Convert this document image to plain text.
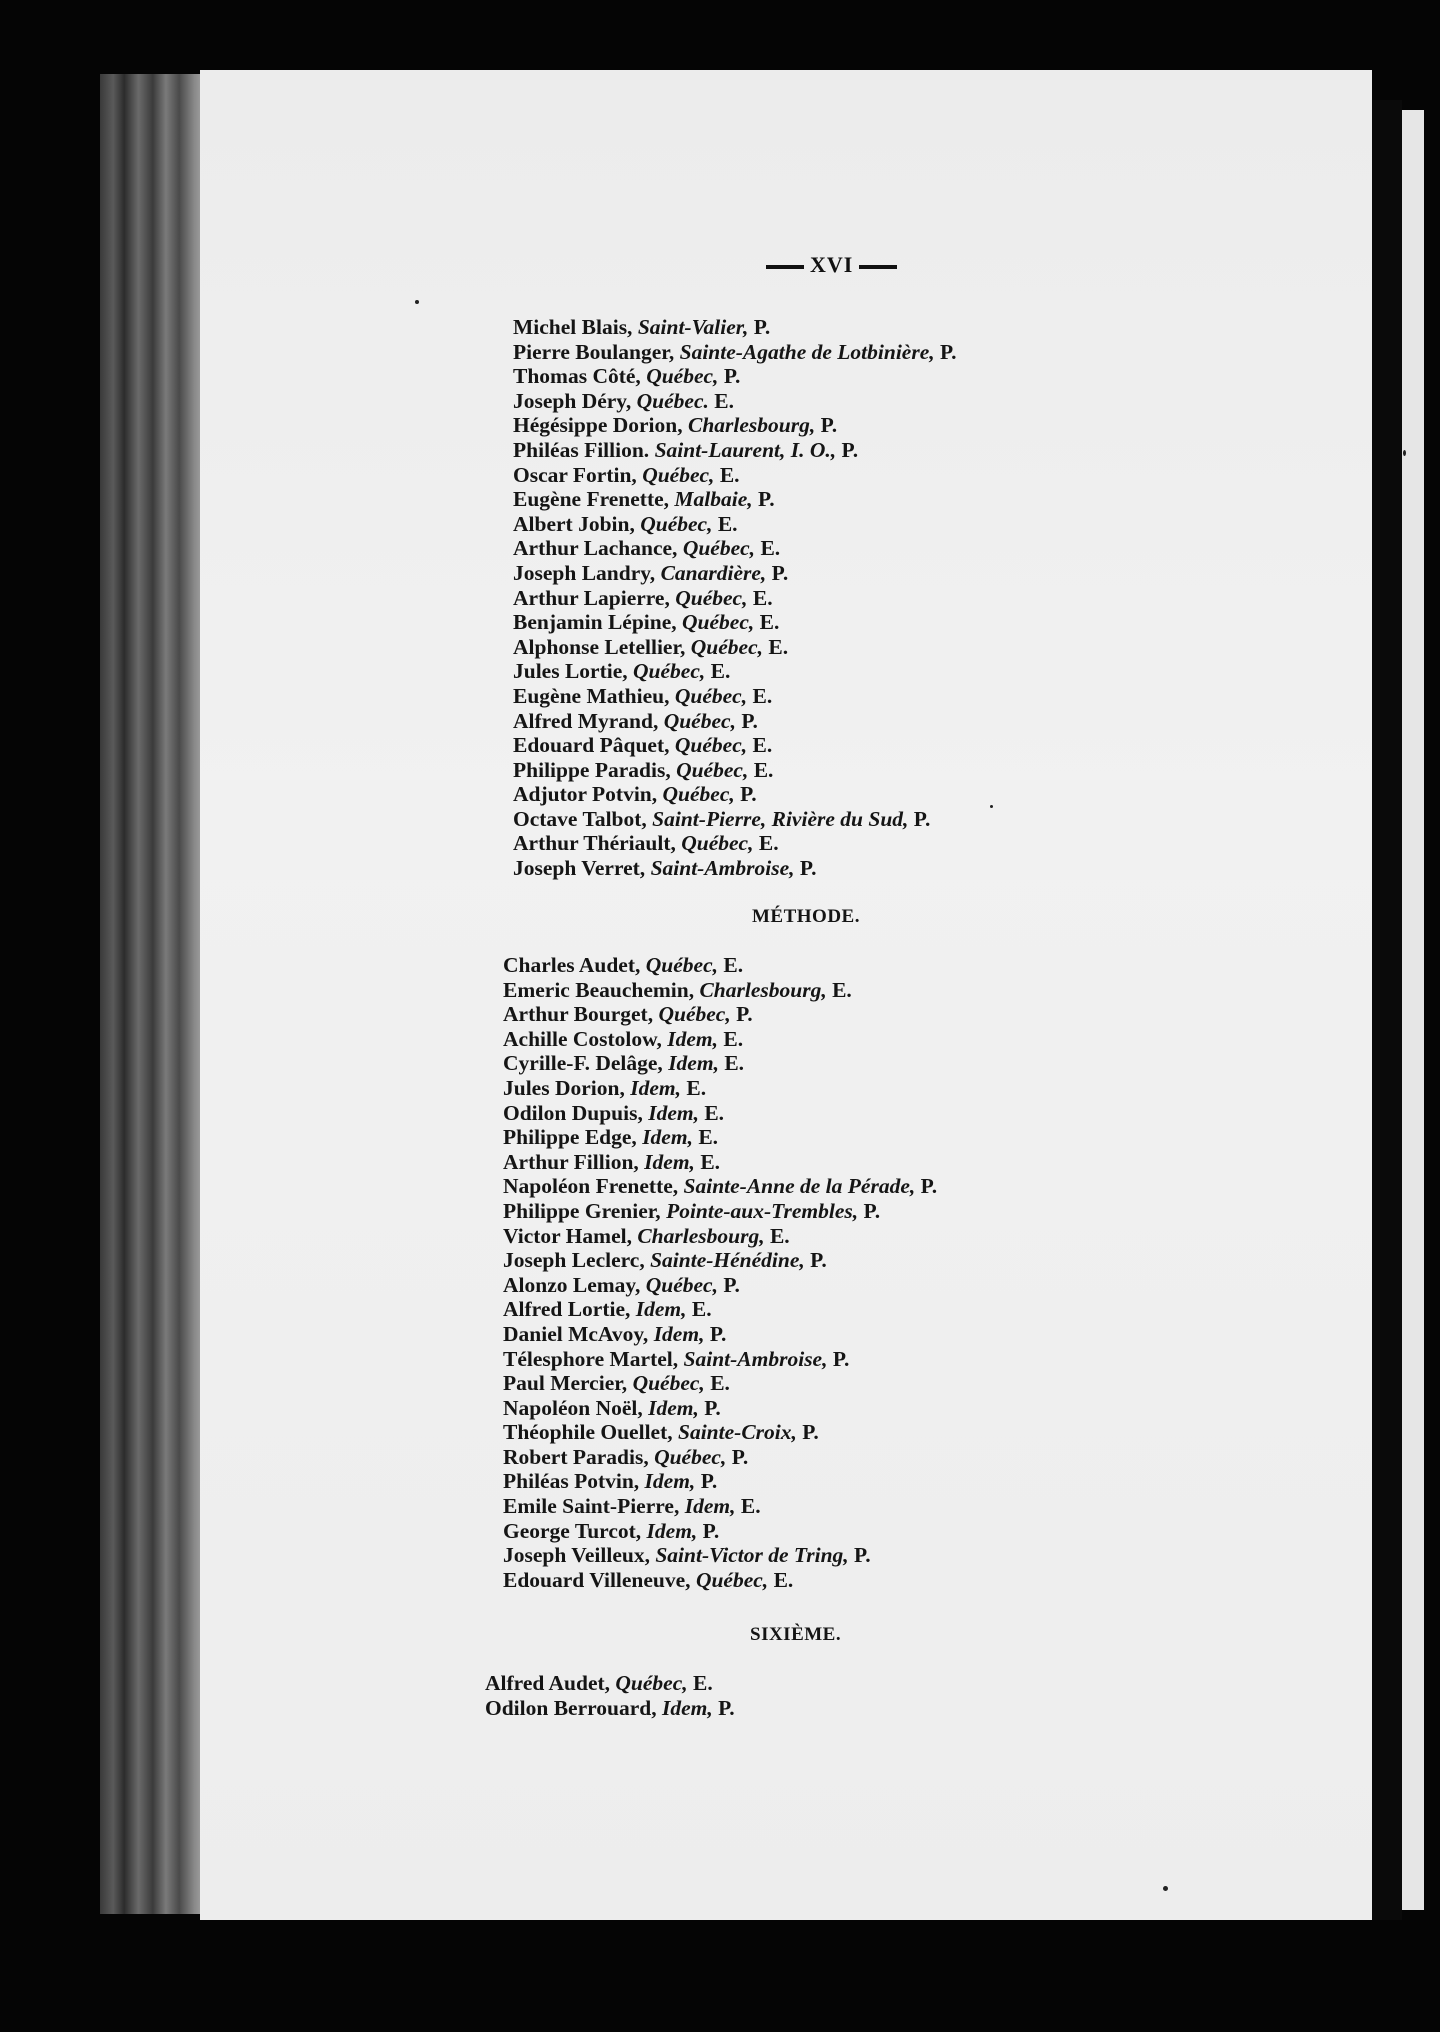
XVI
Michel Blais, Saint-Valier, P.
Pierre Boulanger, Sainte-Agathe de Lotbinière, P.
Thomas Côté, Québec, P.
Joseph Déry, Québec. E.
Hégésippe Dorion, Charlesbourg, P.
Philéas Fillion. Saint-Laurent, I. O., P.
Oscar Fortin, Québec, E.
Eugène Frenette, Malbaie, P.
Albert Jobin, Québec, E.
Arthur Lachance, Québec, E.
Joseph Landry, Canardière, P.
Arthur Lapierre, Québec, E.
Benjamin Lépine, Québec, E.
Alphonse Letellier, Québec, E.
Jules Lortie, Québec, E.
Eugène Mathieu, Québec, E.
Alfred Myrand, Québec, P.
Edouard Pâquet, Québec, E.
Philippe Paradis, Québec, E.
Adjutor Potvin, Québec, P.
Octave Talbot, Saint-Pierre, Rivière du Sud, P.
Arthur Thériault, Québec, E.
Joseph Verret, Saint-Ambroise, P.
MÉTHODE.
Charles Audet, Québec, E.
Emeric Beauchemin, Charlesbourg, E.
Arthur Bourget, Québec, P.
Achille Costolow, Idem, E.
Cyrille-F. Delâge, Idem, E.
Jules Dorion, Idem, E.
Odilon Dupuis, Idem, E.
Philippe Edge, Idem, E.
Arthur Fillion, Idem, E.
Napoléon Frenette, Sainte-Anne de la Pérade, P.
Philippe Grenier, Pointe-aux-Trembles, P.
Victor Hamel, Charlesbourg, E.
Joseph Leclerc, Sainte-Hénédine, P.
Alonzo Lemay, Québec, P.
Alfred Lortie, Idem, E.
Daniel McAvoy, Idem, P.
Télesphore Martel, Saint-Ambroise, P.
Paul Mercier, Québec, E.
Napoléon Noël, Idem, P.
Théophile Ouellet, Sainte-Croix, P.
Robert Paradis, Québec, P.
Philéas Potvin, Idem, P.
Emile Saint-Pierre, Idem, E.
George Turcot, Idem, P.
Joseph Veilleux, Saint-Victor de Tring, P.
Edouard Villeneuve, Québec, E.
SIXIÈME.
Alfred Audet, Québec, E.
Odilon Berrouard, Idem, P.
